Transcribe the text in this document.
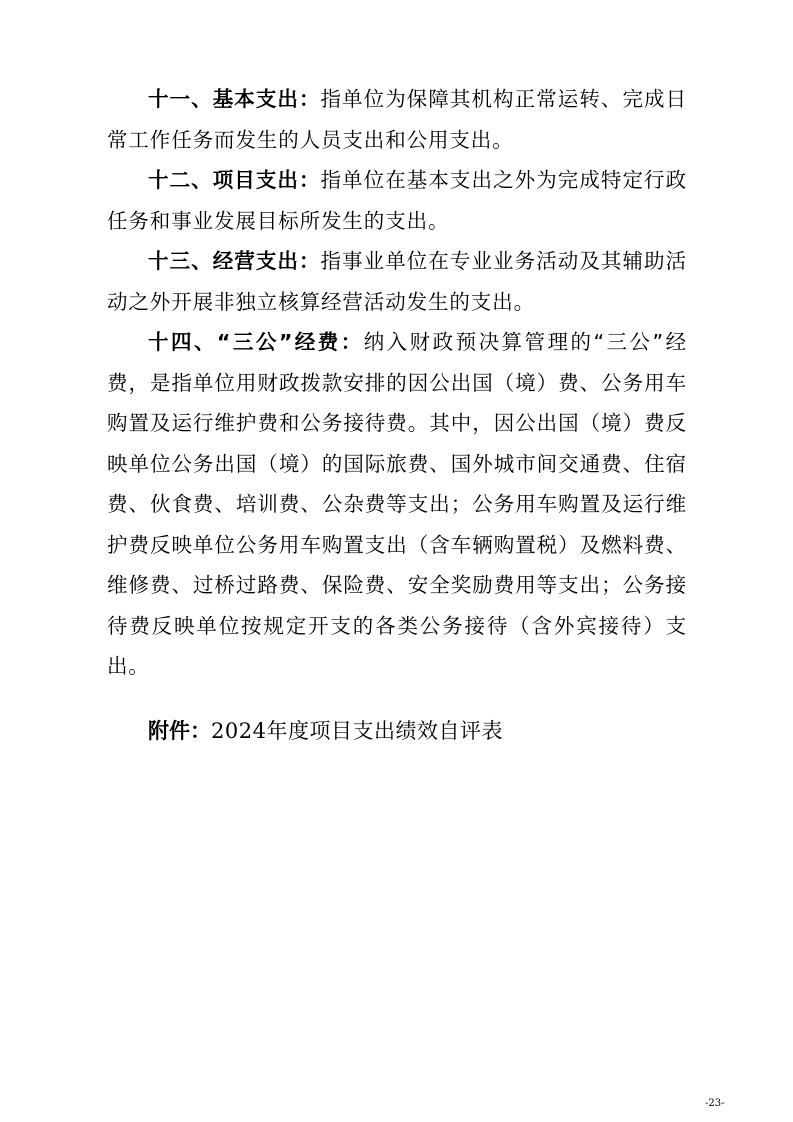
十一、基本支出：指单位为保障其机构正常运转、完成日常工作任务而发生的人员支出和公用支出。

十二、项目支出：指单位在基本支出之外为完成特定行政任务和事业发展目标所发生的支出。

十三、经营支出：指事业单位在专业业务活动及其辅助活动之外开展非独立核算经营活动发生的支出。

十四、“三公”经费：纳入财政预决算管理的“三公”经费，是指单位用财政拨款安排的因公出国（境）费、公务用车购置及运行维护费和公务接待费。其中，因公出国（境）费反映单位公务出国（境）的国际旅费、国外城市间交通费、住宿费、伙食费、培训费、公杂费等支出；公务用车购置及运行维护费反映单位公务用车购置支出（含车辆购置税）及燃料费、维修费、过桥过路费、保险费、安全奖励费用等支出；公务接待费反映单位按规定开支的各类公务接待（含外宾接待）支出。

附件：2024年度项目支出绩效自评表
-23-
